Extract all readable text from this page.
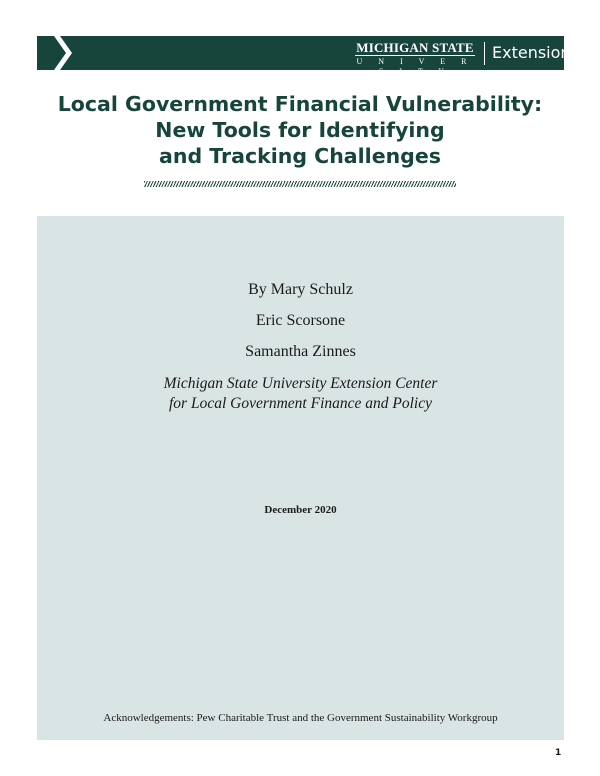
MICHIGAN STATE
U N I V E R S I T Y
Extension
Local Government Financial Vulnerability:
New Tools for Identifying
and Tracking Challenges
By Mary Schulz
Eric Scorsone
Samantha Zinnes
Michigan State University Extension Center
for Local Government Finance and Policy
December 2020
Acknowledgements: Pew Charitable Trust and the Government Sustainability Workgroup
1
